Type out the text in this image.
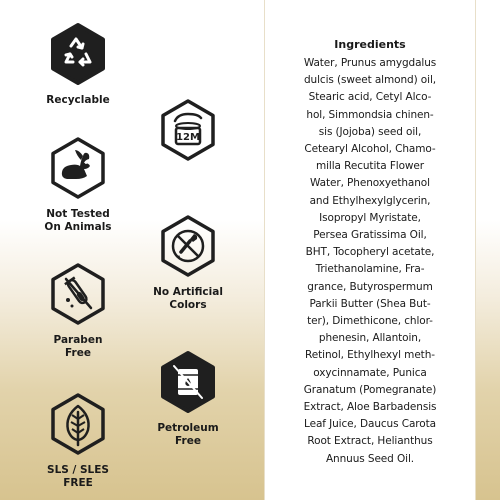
Recyclable
12M
Not Tested
On Animals
No Artificial
Colors
Paraben
Free
Petroleum
Free
SLS / SLES
FREE
Ingredients
Water, Prunus amygdalus
dulcis (sweet almond) oil,
Stearic acid, Cetyl Alco-
hol, Simmondsia chinen-
sis (Jojoba) seed oil,
Cetearyl Alcohol, Chamo-
milla Recutita Flower
Water, Phenoxyethanol
and Ethylhexylglycerin,
Isopropyl Myristate,
Persea Gratissima Oil,
BHT, Tocopheryl acetate,
Triethanolamine, Fra-
grance, Butyrospermum
Parkii Butter (Shea But-
ter), Dimethicone, chlor-
phenesin, Allantoin,
Retinol, Ethylhexyl meth-
oxycinnamate, Punica
Granatum (Pomegranate)
Extract, Aloe Barbadensis
Leaf Juice, Daucus Carota
Root Extract, Helianthus
Annuus Seed Oil.
